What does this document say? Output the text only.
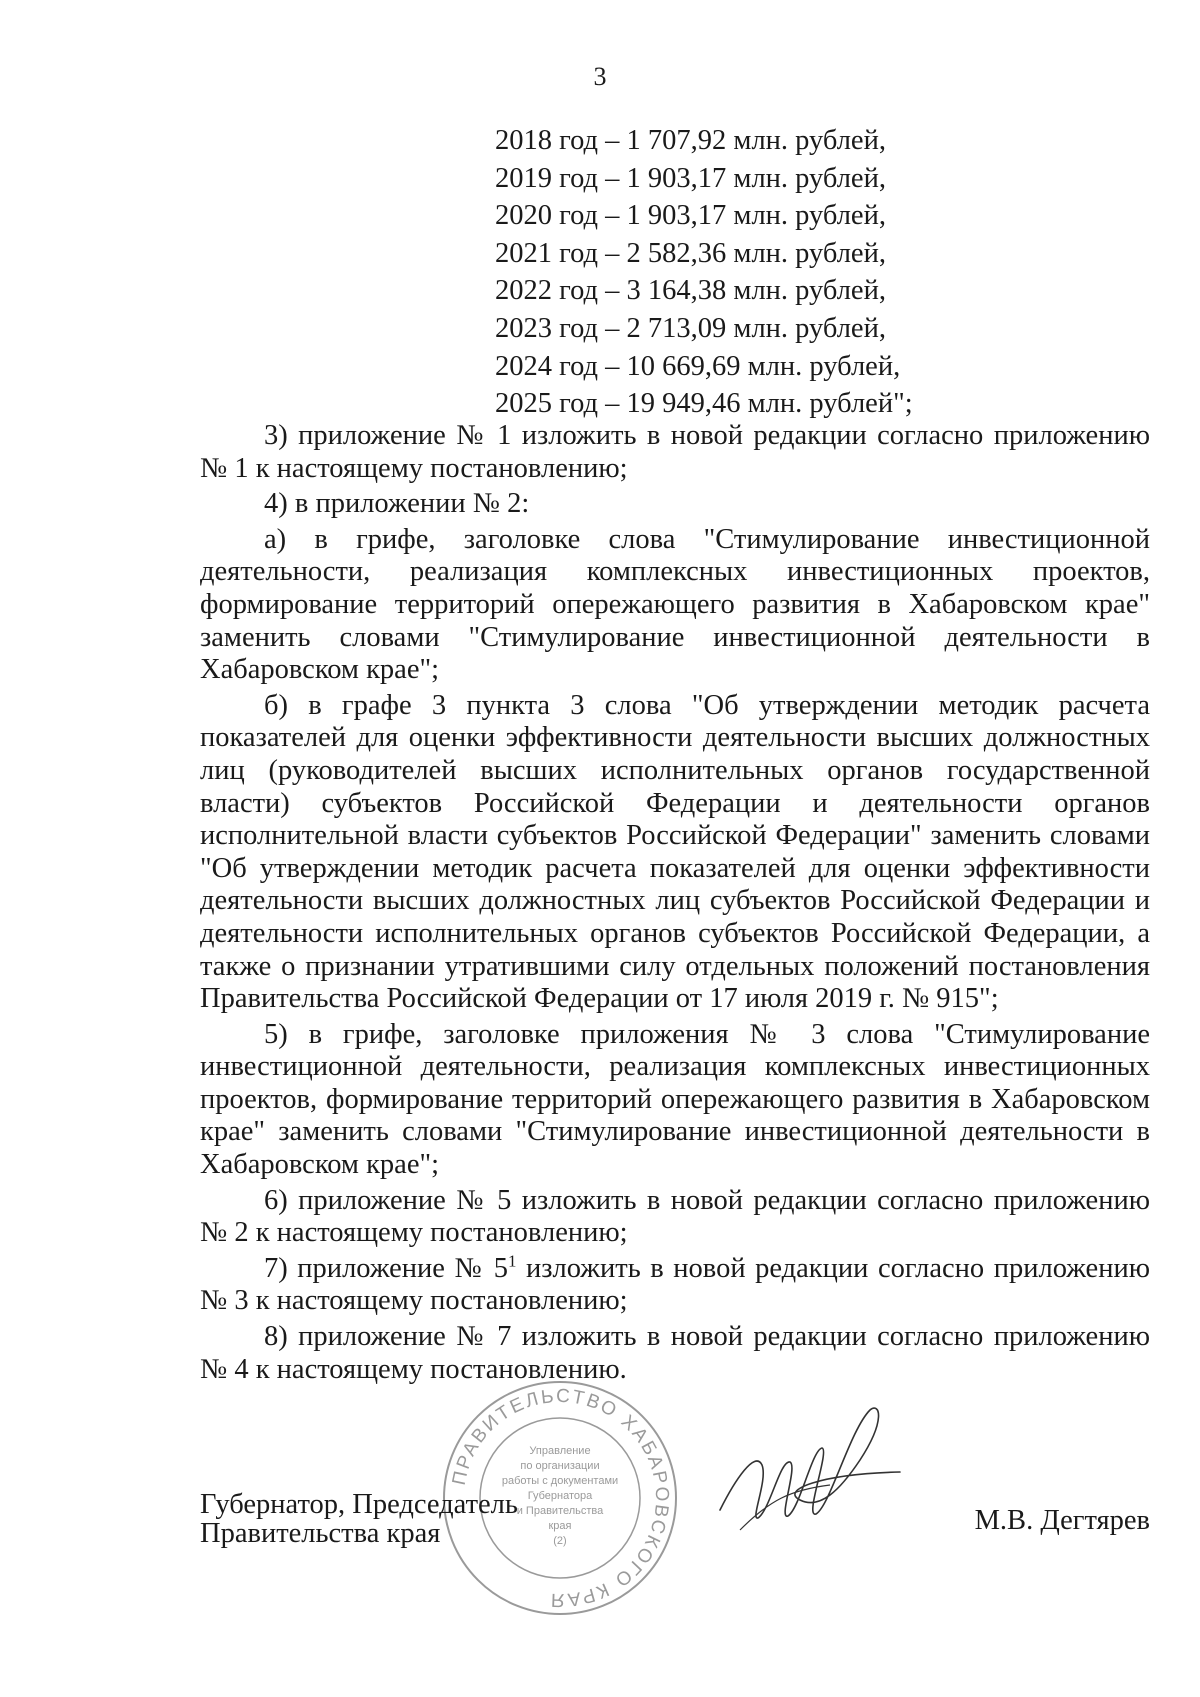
3
2018 год – 1 707,92 млн. рублей,
2019 год – 1 903,17 млн. рублей,
2020 год – 1 903,17 млн. рублей,
2021 год – 2 582,36 млн. рублей,
2022 год – 3 164,38 млн. рублей,
2023 год – 2 713,09 млн. рублей,
2024 год – 10 669,69 млн. рублей,
2025 год – 19 949,46 млн. рублей";

3) приложение № 1 изложить в новой редакции согласно приложению № 1 к настоящему постановлению;

4) в приложении № 2:

а) в грифе, заголовке слова "Стимулирование инвестиционной деятельности, реализация комплексных инвестиционных проектов, формирование территорий опережающего развития в Хабаровском крае" заменить словами "Стимулирование инвестиционной деятельности в Хабаровском крае";

б) в графе 3 пункта 3 слова "Об утверждении методик расчета показателей для оценки эффективности деятельности высших должностных лиц (руководителей высших исполнительных органов государственной власти) субъектов Российской Федерации и деятельности органов исполнительной власти субъектов Российской Федерации" заменить словами "Об утверждении методик расчета показателей для оценки эффективности деятельности высших должностных лиц субъектов Российской Федерации и деятельности исполнительных органов субъектов Российской Федерации, а также о признании утратившими силу отдельных положений постановления Правительства Российской Федерации от 17 июля 2019 г. № 915";

5) в грифе, заголовке приложения № 3 слова "Стимулирование инвестиционной деятельности, реализация комплексных инвестиционных проектов, формирование территорий опережающего развития в Хабаровском крае" заменить словами "Стимулирование инвестиционной деятельности в Хабаровском крае";

6) приложение № 5 изложить в новой редакции согласно приложению № 2 к настоящему постановлению;

7) приложение № $5^1$ изложить в новой редакции согласно приложению № 3 к настоящему постановлению;

8) приложение № 7 изложить в новой редакции согласно приложению № 4 к настоящему постановлению.

ПРАВИТЕЛЬСТВО ХАБАРОВСКОГО КРАЯ
Управление
по организации
работы с документами
Губернатора
и Правительства
края
(2)
Губернатор, Председатель
Правительства края	М.В. Дегтярев
